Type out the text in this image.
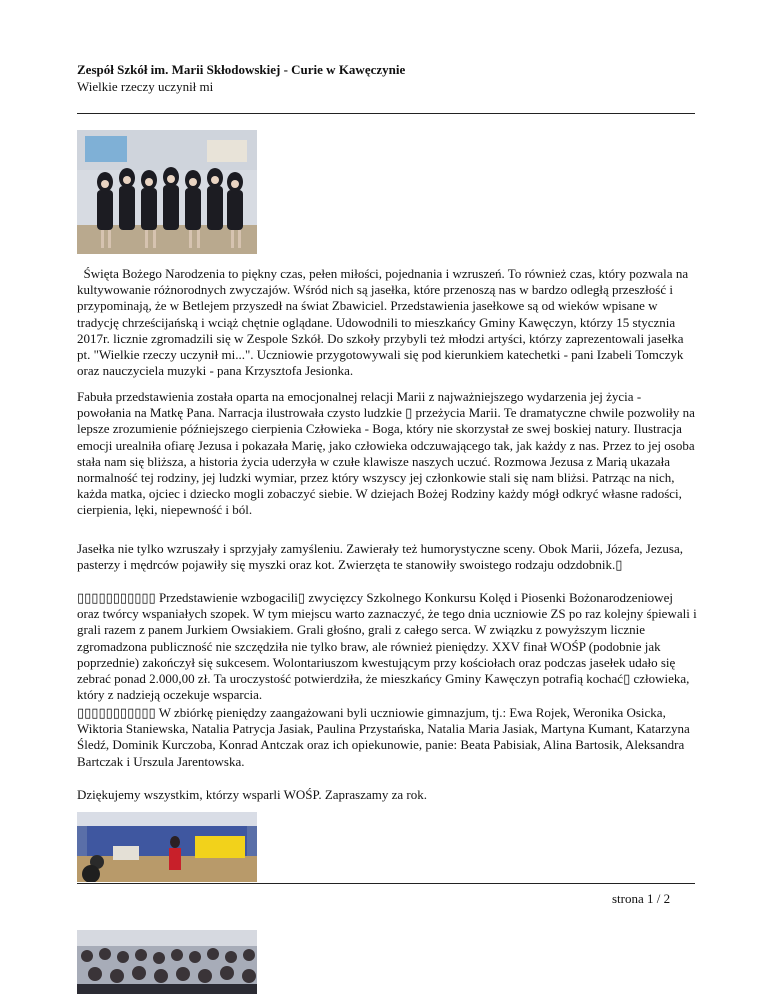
Zespół Szkół im. Marii Skłodowskiej - Curie w Kawęczynie
Wielkie rzeczy uczynił mi
Święta Bożego Narodzenia to piękny czas, pełen miłości, pojednania i wzruszeń. To również czas, który pozwala na kultywowanie różnorodnych zwyczajów. Wśród nich są jasełka, które przenoszą nas w bardzo odległą przeszłość i przypominają, że w Betlejem przyszedł na świat Zbawiciel. Przedstawienia jasełkowe są od wieków wpisane w tradycję chrześcijańską i wciąż chętnie oglądane. Udowodnili to mieszkańcy Gminy Kawęczyn, którzy 15 stycznia 2017r. licznie zgromadzili się w Zespole Szkół. Do szkoły przybyli też młodzi artyści, którzy zaprezentowali jasełka pt. "Wielkie rzeczy uczynił mi...". Uczniowie przygotowywali się pod kierunkiem katechetki - pani Izabeli Tomczyk oraz nauczyciela muzyki - pana Krzysztofa Jesionka.
Fabuła przedstawienia została oparta na emocjonalnej relacji Marii z najważniejszego wydarzenia jej życia - powołania na Matkę Pana. Narracja ilustrowała czysto ludzkie ▯ przeżycia Marii. Te dramatyczne chwile pozwoliły na lepsze zrozumienie późniejszego cierpienia Człowieka - Boga, który nie skorzystał ze swej boskiej natury. Ilustracja emocji urealniła ofiarę Jezusa i pokazała Marię, jako człowieka odczuwającego tak, jak każdy z nas. Przez to jej osoba stała nam się bliższa, a historia życia uderzyła w czułe klawisze naszych uczuć. Rozmowa Jezusa z Marią ukazała normalność tej rodziny, jej ludzki wymiar, przez który wszyscy jej członkowie stali się nam bliżsi. Patrząc na nich, każda matka, ojciec i dziecko mogli zobaczyć siebie. W dziejach Bożej Rodziny każdy mógł odkryć własne radości, cierpienia, lęki, niepewność i ból.
Jasełka nie tylko wzruszały i sprzyjały zamyśleniu. Zawierały też humorystyczne sceny. Obok Marii, Józefa, Jezusa, pasterzy i mędrców pojawiły się myszki oraz kot. Zwierzęta te stanowiły swoistego rodzaju odzdobnik.▯
▯▯▯▯▯▯▯▯▯▯▯ Przedstawienie wzbogacili▯ zwycięzcy Szkolnego Konkursu Kolęd i Piosenki Bożonarodzeniowej oraz twórcy wspaniałych szopek. W tym miejscu warto zaznaczyć, że tego dnia uczniowie ZS po raz kolejny śpiewali i grali razem z panem Jurkiem Owsiakiem. Grali głośno, grali z całego serca. W związku z powyższym licznie zgromadzona publiczność nie szczędziła nie tylko braw, ale również pieniędzy. XXV finał WOŚP (podobnie jak poprzednie) zakończył się sukcesem. Wolontariuszom kwestującym przy kościołach oraz podczas jasełek udało się zebrać ponad 2.000,00 zł. Ta uroczystość potwierdziła, że mieszkańcy Gminy Kawęczyn potrafią kochać▯ człowieka, który z nadzieją oczekuje wsparcia.
▯▯▯▯▯▯▯▯▯▯▯ W zbiórkę pieniędzy zaangażowani byli uczniowie gimnazjum, tj.: Ewa Rojek, Weronika Osicka, Wiktoria Staniewska, Natalia Patrycja Jasiak, Paulina Przystańska, Natalia Maria Jasiak, Martyna Kumant, Katarzyna Śledź, Dominik Kurczoba, Konrad Antczak oraz ich opiekunowie, panie: Beata Pabisiak, Alina Bartosik, Aleksandra Bartczak i Urszula Jarentowska.
Dziękujemy wszystkim, którzy wsparli WOŚP. Zapraszamy za rok.
strona 1 / 2
